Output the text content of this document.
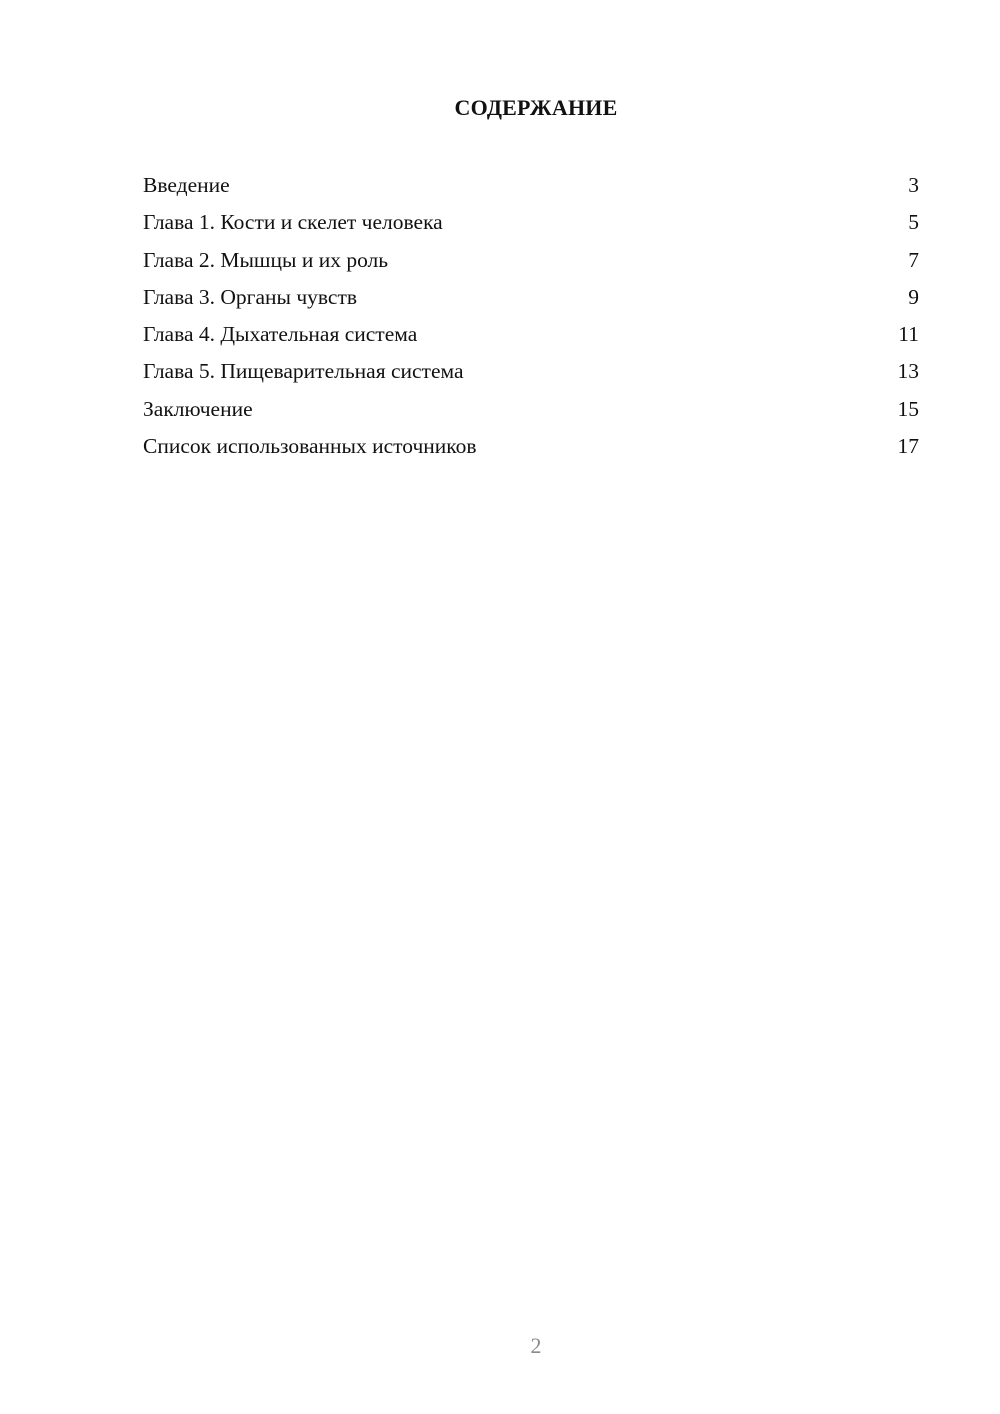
СОДЕРЖАНИЕ
Введение	3
Глава 1. Кости и скелет человека	5
Глава 2. Мышцы и их роль	7
Глава 3. Органы чувств	9
Глава 4. Дыхательная система	11
Глава 5. Пищеварительная система	13
Заключение	15
Список использованных источников	17
2
